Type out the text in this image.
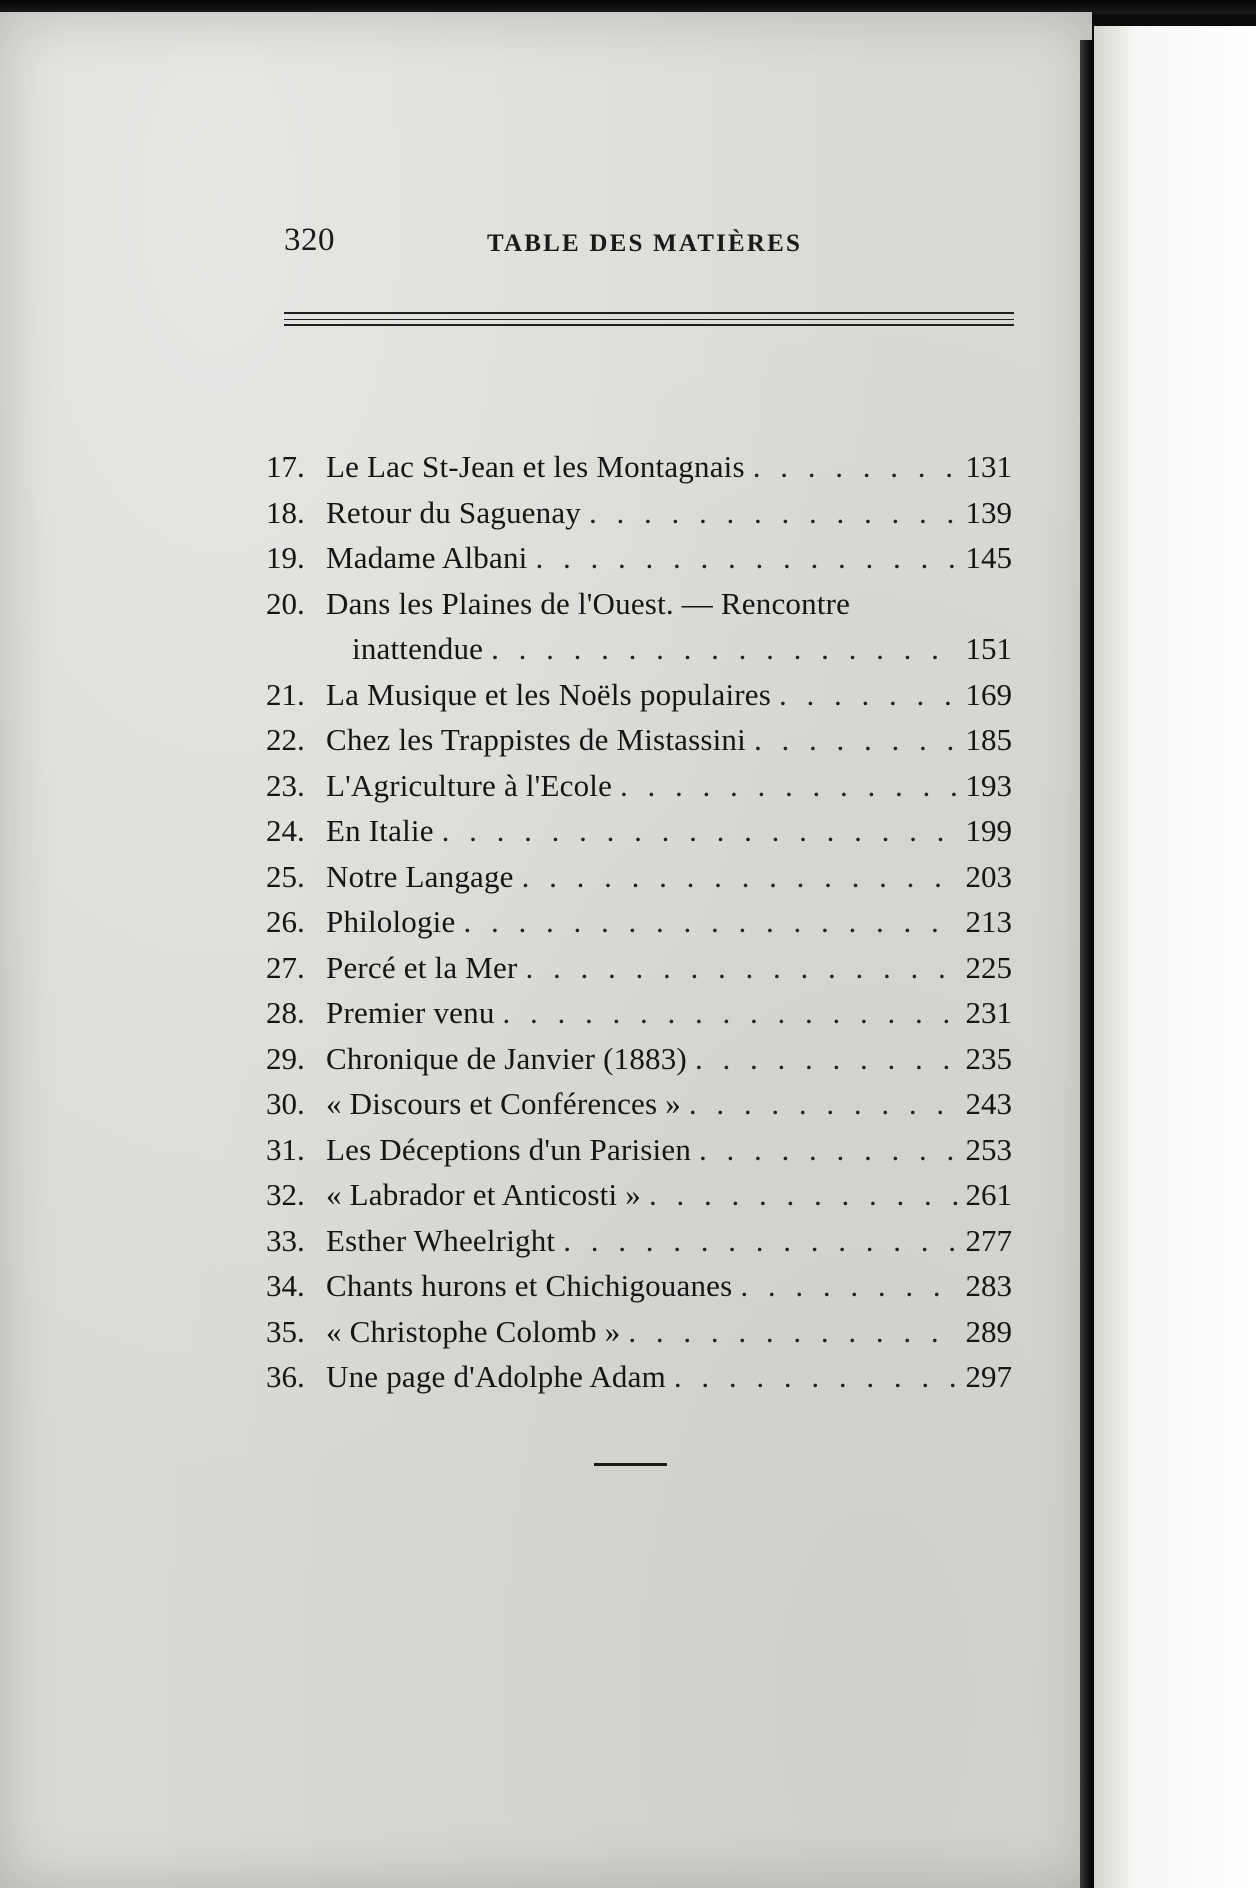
320	TABLE DES MATIÈRES
17. Le Lac St-Jean et les Montagnais . . .	131
18. Retour du Saguenay . . .	139
19. Madame Albani . . .	145
20. Dans les Plaines de l'Ouest. — Rencontre
inattendue . . .	151
21. La Musique et les Noëls populaires . . .	169
22. Chez les Trappistes de Mistassini . . .	185
23. L'Agriculture à l'Ecole . . .	193
24. En Italie . . .	199
25. Notre Langage . . .	203
26. Philologie . . .	213
27. Percé et la Mer . . .	225
28. Premier venu . . .	231
29. Chronique de Janvier (1883) . . .	235
30. « Discours et Conférences » . . .	243
31. Les Déceptions d'un Parisien . . .	253
32. « Labrador et Anticosti » . . .	261
33. Esther Wheelright . . .	277
34. Chants hurons et Chichigouanes . . .	283
35. « Christophe Colomb » . . .	289
36. Une page d'Adolphe Adam . . .	297
